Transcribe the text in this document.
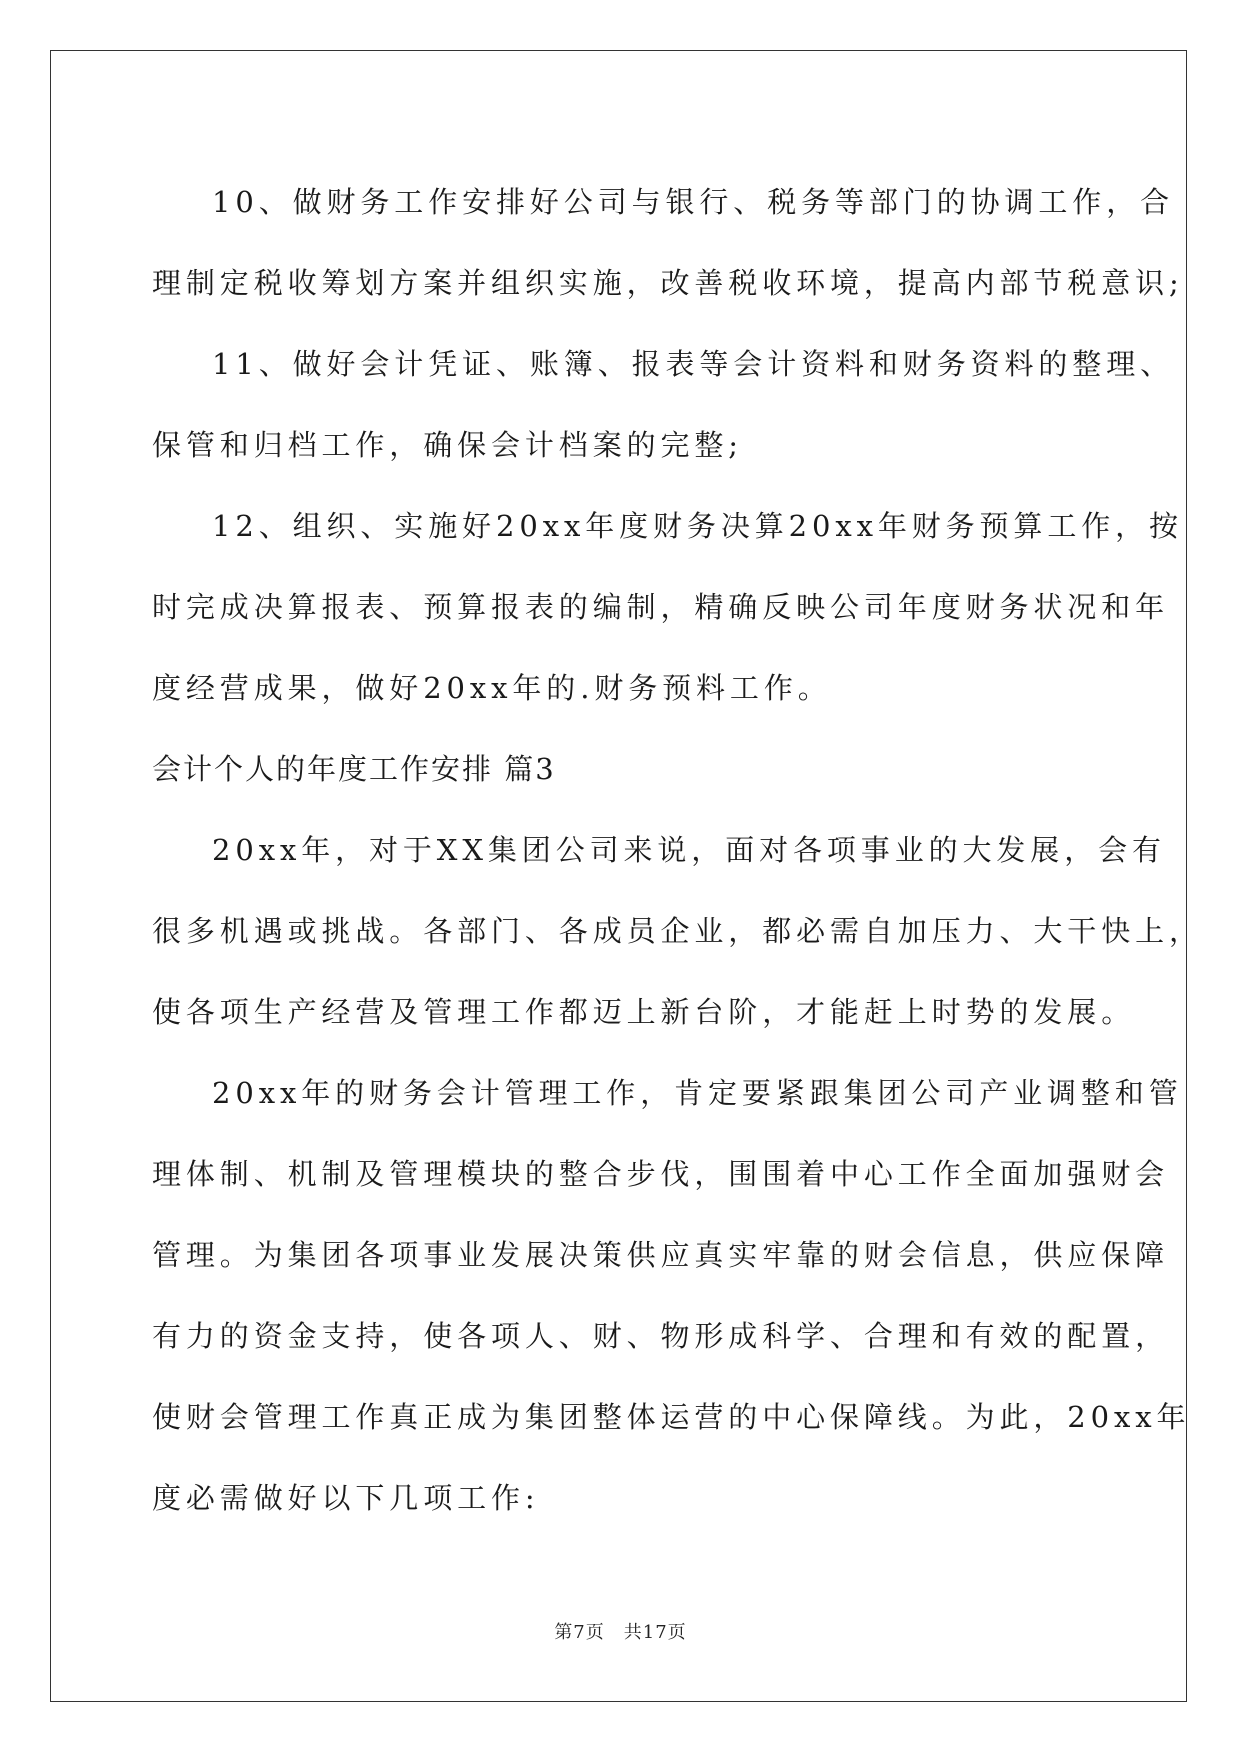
10、做财务工作安排好公司与银行、税务等部门的协调工作，合
理制定税收筹划方案并组织实施，改善税收环境，提高内部节税意识;
11、做好会计凭证、账簿、报表等会计资料和财务资料的整理、
保管和归档工作，确保会计档案的完整;
12、组织、实施好20xx年度财务决算20xx年财务预算工作，按
时完成决算报表、预算报表的编制，精确反映公司年度财务状况和年
度经营成果，做好20xx年的.财务预料工作。
会计个人的年度工作安排 篇3
20xx年，对于XX集团公司来说，面对各项事业的大发展，会有
很多机遇或挑战。各部门、各成员企业，都必需自加压力、大干快上，
使各项生产经营及管理工作都迈上新台阶，才能赶上时势的发展。
20xx年的财务会计管理工作，肯定要紧跟集团公司产业调整和管
理体制、机制及管理模块的整合步伐，围围着中心工作全面加强财会
管理。为集团各项事业发展决策供应真实牢靠的财会信息，供应保障
有力的资金支持，使各项人、财、物形成科学、合理和有效的配置，
使财会管理工作真正成为集团整体运营的中心保障线。为此，20xx年
度必需做好以下几项工作:
第7页　共17页
